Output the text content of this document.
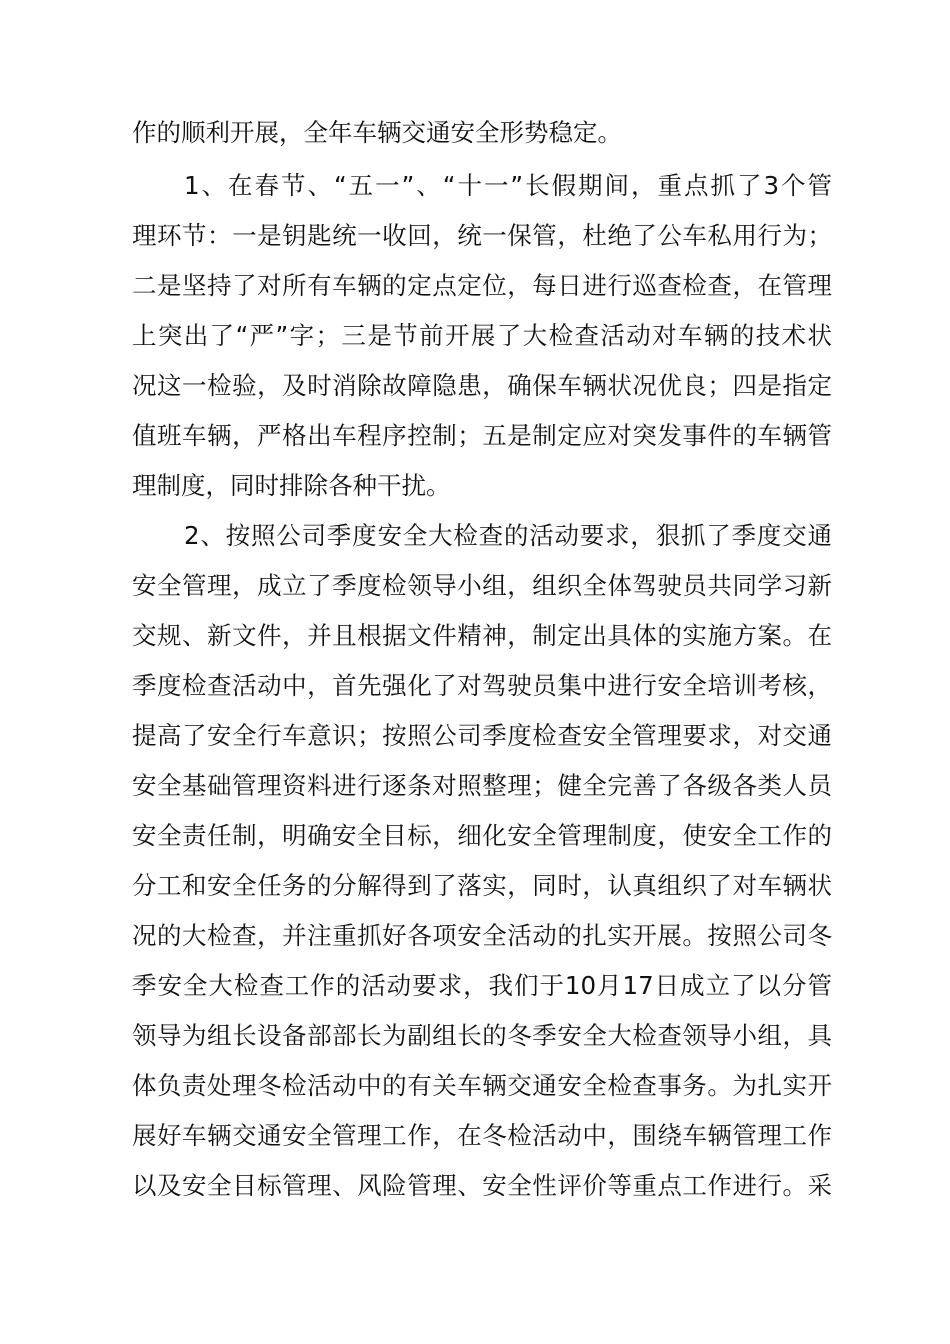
作的顺利开展，全年车辆交通安全形势稳定。
1、在春节、“五一”、“十一”长假期间，重点抓了3个管
理环节：一是钥匙统一收回，统一保管，杜绝了公车私用行为；
二是坚持了对所有车辆的定点定位，每日进行巡查检查，在管理
上突出了“严”字；三是节前开展了大检查活动对车辆的技术状
况这一检验，及时消除故障隐患，确保车辆状况优良；四是指定
值班车辆，严格出车程序控制；五是制定应对突发事件的车辆管
理制度，同时排除各种干扰。
2、按照公司季度安全大检查的活动要求，狠抓了季度交通
安全管理，成立了季度检领导小组，组织全体驾驶员共同学习新
交规、新文件，并且根据文件精神，制定出具体的实施方案。在
季度检查活动中，首先强化了对驾驶员集中进行安全培训考核，
提高了安全行车意识；按照公司季度检查安全管理要求，对交通
安全基础管理资料进行逐条对照整理；健全完善了各级各类人员
安全责任制，明确安全目标，细化安全管理制度，使安全工作的
分工和安全任务的分解得到了落实，同时，认真组织了对车辆状
况的大检查，并注重抓好各项安全活动的扎实开展。按照公司冬
季安全大检查工作的活动要求，我们于10月17日成立了以分管
领导为组长设备部部长为副组长的冬季安全大检查领导小组，具
体负责处理冬检活动中的有关车辆交通安全检查事务。为扎实开
展好车辆交通安全管理工作，在冬检活动中，围绕车辆管理工作
以及安全目标管理、风险管理、安全性评价等重点工作进行。采
